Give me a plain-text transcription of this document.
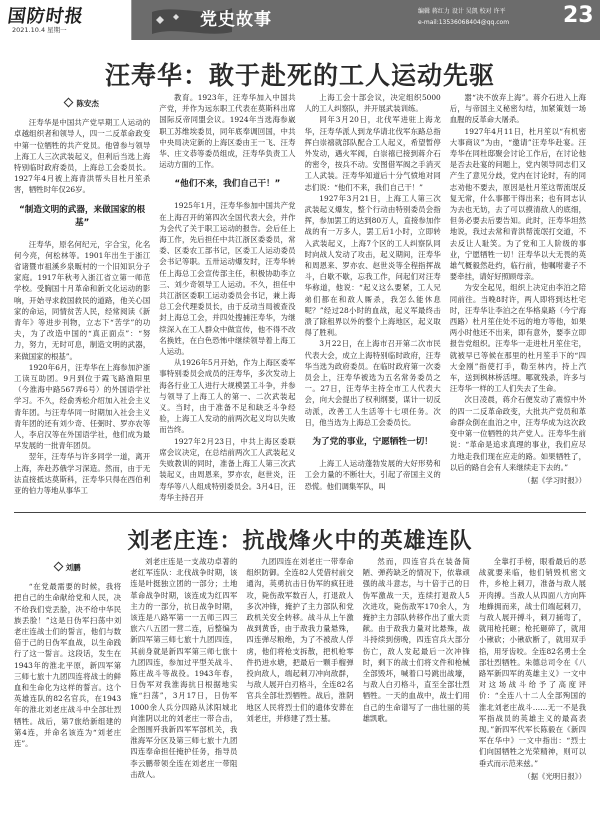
国防时报
2021.10.4 星期一	党史故事	编辑 蒋红力 设计 吴凯 校对 许平
e-mail:13536068404@qq.com	23
汪寿华：敢于赴死的工人运动先驱
陈安杰

汪寿华是中国共产党早期工人运动的卓越组织者和领导人，四一二反革命政变中第一位牺牲的共产党员。他曾参与领导上海工人三次武装起义，但利后当选上海特别临时政府委员，上海总工会委员长。1927年4月被上海青洪帮头目杜月笙杀害，牺牲时年仅26岁。

“制造文明的武器，来做国家的根基”

汪寿华，原名何纪元，字合宝，化名何今亮，何松林等。1901年出生于浙江省诸暨市祖溪乡泉畈村的一个旧知识分子家庭。1917年秋考入浙江省立第一师范学校。受胸国十月革命和新文化运动的影响，开始寻求救国救民的道路，他关心国家的命运，同情贫苦人民，经常阅读《新青年》等进步刊物，立志下“苦学”的功夫，为了改造中国的“真正面点”：“努力，努力，无时可息，制造文明的武器，来做国家的根基”。

1920年6月，汪寿华在上海参加沪浙工读互助团。9月到位于霞飞路渔阳里（今淮海中路567弄6号）的外国语学社学习。不久，经俞秀松介绍加入社会主义青年团。与汪寿华同一时期加入社会主义青年团的还有刘少奇、任弼时、罗亦农等人，李启汉等在外国语学社，他们成为最早发展的一批青年团员。

翌年，汪寿华与许多同学一道，离开上海，奔赴苏俄学习深造。然而，由于无法直接抵达莫斯科，汪寿华只得在西伯利亚的伯力等地从事华工

教育。1923年，汪寿华加入中国共产党，并作为远东职工代表在莫斯科出席国际反帝同盟会议。1924年当选海参崴职工苏维埃委员，同年底奉调回国，中共中央局决定新的上海区委由王一飞、汪寿华、庄文恭等委员组成，汪寿华负责工人运动方面的工作。

“他们不来，我们自己干！”

1925年1月，汪寿华参加中国共产党在上海召开的第四次全国代表大会，并作为会代了关于职工运动的报告。会后任上海工作，先后担任中共江浙区委委员，常委、区委农工部书记，区委工人运动委员会书记等职。五卅运动爆发时，汪寿华转任上海总工会宣传部主任，积极协助李立三、刘少奇领导工人运动。不久，担任中共江浙区委职工运动委员会书记，兼上海总工会代理委员长，由于反动当局被查没封上海总工会，并四处搜捕汪寿华，为继续深入在工人群众中做宣传，他不得不改名换姓，在白色恐怖中继续领导着上海工人运动。

从1926年5月开始，作为上海区委军事特别委员会成员的汪寿华，多次发动上海各行业工人进行大规模罢工斗争，并参与领导了上海工人的第一、二次武装起义。当时，由于准备不足和缺乏斗争经验，上海工人发动的前两次起义均以失败而告终。

1927年2月23日，中共上海区委联席会议决定，在总结前两次工人武装起义失败教训的同时，准备上海工人第三次武装起义，由周恩来，罗亦农，赵世炎，汪寿华等八人组成特别委员会。3月4日，汪寿华主持召开

上海工会十部会议，决定组织5000人的工人纠察队，并开展武装训练。

同年3月20日，北伐军进驻上海龙华，汪寿华派人到龙华请北伐军东路总指挥白崇禧就部队配合工人起义，希望暂停外发动，遇火军阀，白崇禧已接到蒋介石的密令，按兵不动。安图借军阀之手消灭工人武装。汪寿华知道后十分气愤地对同志们说：“他们不来，我们自己干！”

1927年3月21日，上海工人第三次武装起义爆发，整个行动由特别委员会指挥，参加罢工的达到80万人，直接参加作战的有一万多人，罢工后1小时，立即转入武装起义，上海7个区的工人纠察队同时向战人发动了攻击，起义期间，汪寿华和周恩来、罗亦农、赵世炎等全程指挥战斗，白歇不歇，忘我工作，问起们对汪寿华称道，他说：“起义这么要紧，工人兄弟们都在和敌人厮杀，我怎么能休息呢？”经过28小时的血战，起义军最终击溃了除租界以外的整个上海地区，起义取得了胜利。

3月22日，在上海市召开第二次市民代表大会，成立上海特别临时政府，汪寿华当选为政府委员。在临时政府第一次委员会上，汪寿华被选为五名常务委员之一。27日，汪寿华主持全市工人代表大会，向大会提出了权利纲要，谋计一切反动派，改善工人生活等十七项任务。次日，他当选为上海总工会委员长。

为了党的事业，宁愿牺牲一切！

上海工人运动蓬勃发展的大好形势和工会力量的不断壮大，引起了帝国主义的恐慌。他们调集军队，叫

嚣“决不放弃上海”。蒋介石进入上海后，与帝国主义秘密勾结，加紧策划一场血腥的反革命大屠杀。

1927年4月11日，杜月笙以“有机密大事商议”为由，“邀请”汪寿华赴宴。汪寿华在同杜邸聚会讨论工作后，在讨论他是否去赴宴的问题上，党内领导同志们又产生了意见分歧，党内在讨论时，有的同志劝他不要去，原因是杜月笙这帮流氓反复无常，什么事都干得出来；也有同志认为去也无妨，去了可以摸清敌人的底细，但务必要去后要告知。此时，汪寿华坦然地说，我过去常和青洪帮流氓打交道，不去反让人耻笑。为了党和工人阶级的事业，宁愿牺牲一切！汪寿华以大无畏的英雄气概毅然赴约，临行前，他嘱咐妻子不要牵挂，请好好照顾母亲。

为安全起见，组织上决定由李泊之陪同前往。当晚8时许，两人即将到达杜宅时，汪寿华让李泊之在华格臬路（今宁海西路）杜月笙住处不远的地方等他，如果两小时他还不出来，即有意外，要李立即报告党组织。汪寿华一走进杜月笙住宅，就被早已等候在那里的杜月笙手下的“四大金刚”指使打手，勒至林内，持上汽车，送到枫林桥活埋。哪就残杀，许多与汪寿华一样的工人们失去了生命。

次日凌晨，蒋介石便发动了震惊中外的四一二反革命政变，大批共产党员和革命群众倒在血泊之中，汪寿华成为这次政变中第一位牺牲的共产党人。汪寿华生前说：“革命是追求真理的事业，我们应尽力地走我们现在应走的路。如果牺牲了，以后的路自会有人来继续走下去的。”

（据《学习时报》）

刘老庄连：抗战烽火中的英雄连队
刘鹏

“在党最需要的时候，我将把自己的生命献给党和人民，决不给我们党丢脸，决不给中华民族丢脸！”这是日伪军扫荡中刘老庄连战士们的誓言，他们与数倍于己的日伪军血战，以生命践行了这一誓言。这段话，发生在1943年的淮北平原，新四军第三师七旅十九团四连将战士的鲜血和生命化为这样的誓言。这个英雄连队的82名官兵，在1943年的淮北刘老庄战斗中全部壮烈牺牲。战后，第7旅给新组建的第4连，并命名该连为“刘老庄连”。

刘老庄连是一支战功卓著的老红军连队：北伐战争时期，该连是叶挺独立团的一部分；土地革命战争时期，该连成为红四军主力的一部分，抗日战争时期，该连是八路军第一一五师三四三旅六八五团一营二连，后整编为新四军第三师七旅十九团四连，其前身就是新四军第三师七旅十九团四连，参加过平型关战斗、陈庄战斗等战役。1943年春，日伪军对我淮海抗日根据地实施“扫荡”，3月17日，日伪军1000余人兵分四路从沭阳城北向淮阴以北的刘老庄一带合击，企图围歼我新四军军部机关，我淮海军分区及第三师七旅十九团四连奉命担任掩护任务，指导员李云鹏带领全连在刘老庄一带阻击敌人。

九团四连在刘老庄一带奉命组织防御。全连82人凭借村前交通沟，英勇抗击日伪军的疯狂进攻，毙伤敌军数百人，打退敌人多次冲锋，掩护了主力部队和党政机关安全转移。战斗从上午激战到黄昏，由于敌我力量悬殊，四连弹尽粮绝，为了不被敌人俘虏，他们将枪支拆散，把机枪零件扔进水塘，把最后一颗手榴弹投向敌人，端起刺刀冲向敌群，与敌人展开白刃格斗，全连82名官兵全部壮烈牺牲。战后，淮阴地区人民将烈士们的遗体安葬在刘老庄，并修建了烈士墓。

然而，四连官兵在装备简陋、弹药缺乏的情况下，依靠顽强的战斗意志，与十倍于己的日伪军激战一天，连续打退敌人5次进攻，毙伤敌军170余人，为掩护主力部队转移作出了重大贡献。由于敌我力量对比悬殊，战斗持续到傍晚，四连官兵大部分伤亡，敌人发起最后一次冲锋时，剩下的战士们将文件和枪械全部毁坏，喊着口号跳出战壕，与敌人白刃格斗，直至全部壮烈牺牲。一天的血战中，战士们用自己的生命谱写了一曲壮丽的英雄凯歌。

全靠打手榜，眼看最后的恶战就要来临，他们销毁机密文件，乡枪上刺刀，准备与敌人展开肉搏。当敌人从四面八方向阵地蜂拥而来，战士们端起刺刀，与敌人展开搏斗，刺刀捅弯了，就用枪托砸；枪托砸碎了，就用小锹砍；小锹砍断了，就用双手掐，用牙齿咬。全连82名勇士全部壮烈牺牲。朱德总司令在《八路军新四军的英雄主义》一文中对这场战斗给予了高度评价：“全连八十二人全部殉国的淮北刘老庄战斗……无一不是我军指战员的英雄主义的最高表现。”新四军代军长陈毅在《新四军在华中》一文中指出：“烈士们向国牺牲之光荣精神，则可以垂式而示范来兹。”

（据《光明日报》）
